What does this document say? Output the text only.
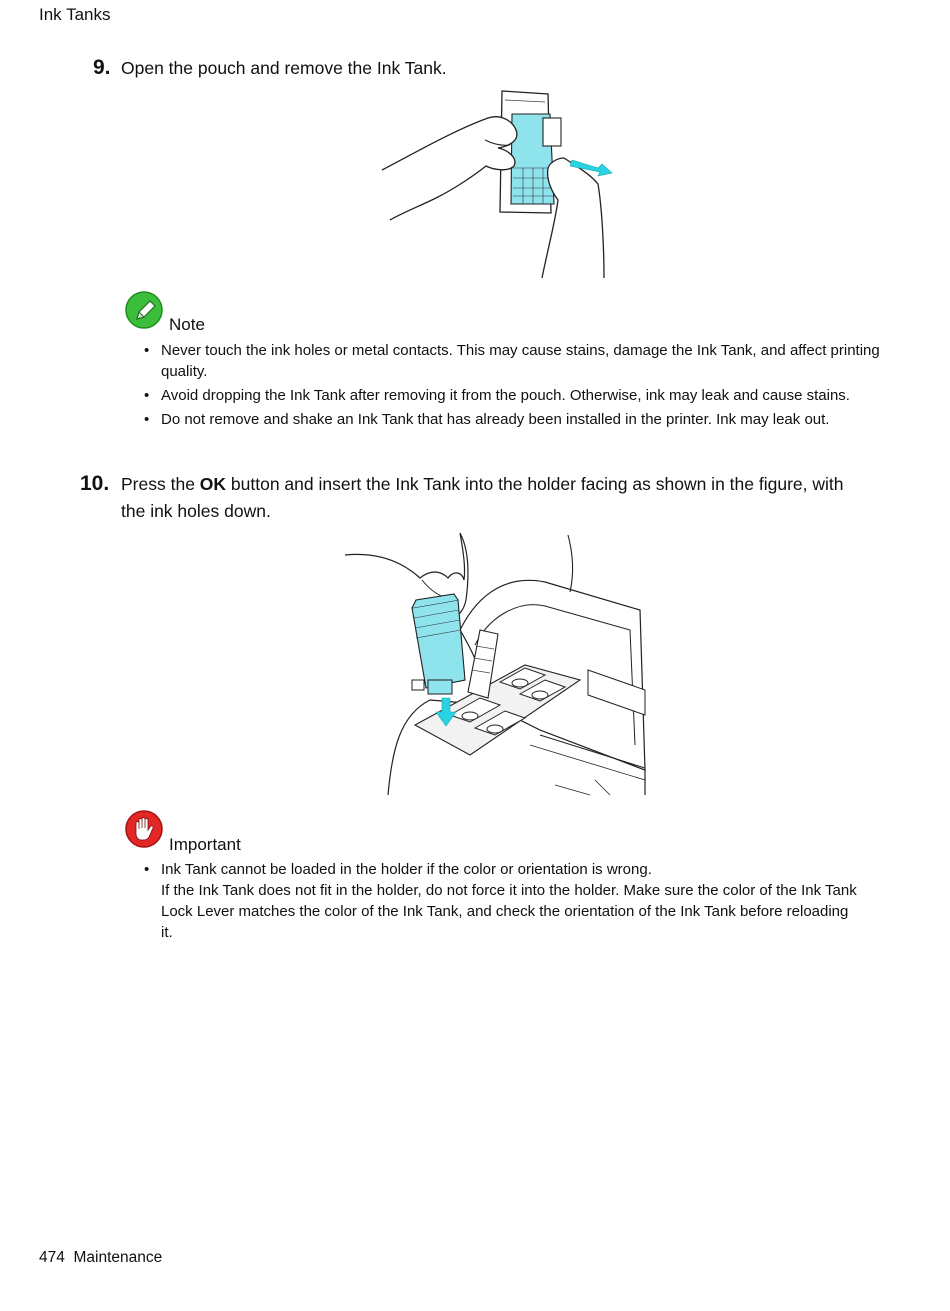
Ink Tanks
9. Open the pouch and remove the Ink Tank.
Note
• Never touch the ink holes or metal contacts. This may cause stains, damage the Ink Tank, and affect printing quality.
• Avoid dropping the Ink Tank after removing it from the pouch. Otherwise, ink may leak and cause stains.
• Do not remove and shake an Ink Tank that has already been installed in the printer. Ink may leak out.
10. Press the OK button and insert the Ink Tank into the holder facing as shown in the figure, with the ink holes down.
Important
• Ink Tank cannot be loaded in the holder if the color or orientation is wrong.
If the Ink Tank does not fit in the holder, do not force it into the holder. Make sure the color of the Ink Tank Lock Lever matches the color of the Ink Tank, and check the orientation of the Ink Tank before reloading it.
474 Maintenance
